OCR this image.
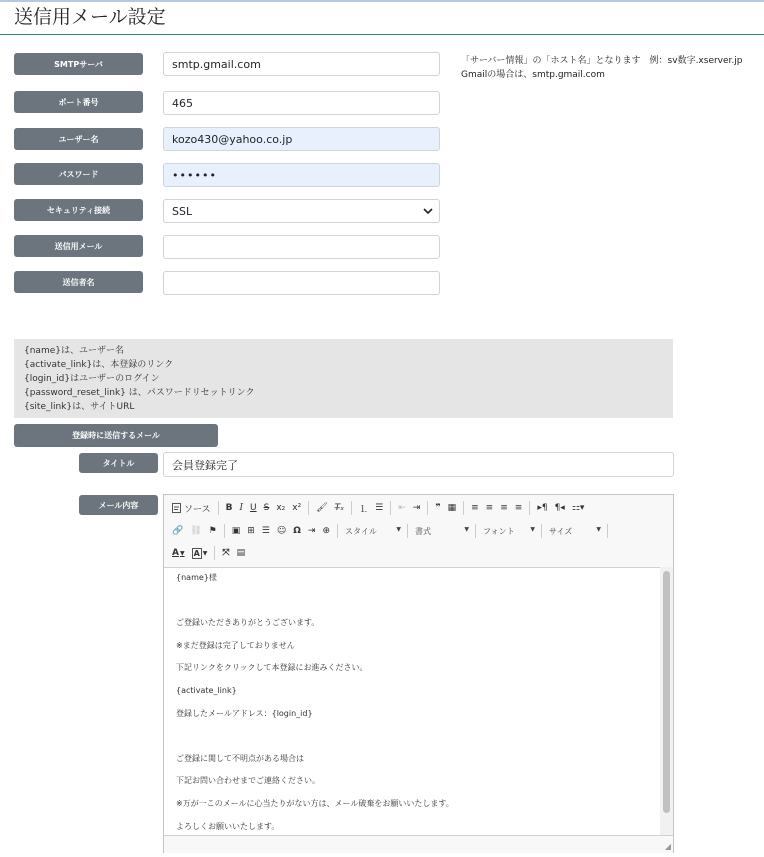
送信用メール設定
SMTPサーバ	smtp.gmail.com
ポート番号	465
ユーザー名	kozo430@yahoo.co.jp
パスワード	••••••
セキュリティ接続	SSL
送信用メール
送信者名
「サーバー情報」の「ホスト名」となります　例：sv数字.xserver.jp
Gmailの場合は、smtp.gmail.com
{name}は、ユーザー名
{activate_link}は、本登録のリンク
{login_id}はユーザーのログイン
{password_reset_link} は、パスワードリセットリンク
{site_link}は、サイトURL
登録時に送信するメール
タイトル	会員登録完了
メール内容	ソース B I U S x₂ x² 🖌 T̶ₓ ⒈ ☰ ⇤ ⇥ ❞ ▦ ≡ ≡ ≡ ≡ ▸¶ ¶◂ ⚏▾
🔗 ⛓ ⚑ ▣ ⊞ ☰ ☺ Ω ⇥ ⊕ スタイル	▼ 書式	▼ フォント	▼ サイズ	▼
A ▼ A ▼ ⤧ ▤

{name}様

ご登録いただきありがとうございます。

※まだ登録は完了しておりません

下記リンクをクリックして本登録にお進みください。

{activate_link}

登録したメールアドレス：{login_id}

ご登録に関して不明点がある場合は

下記お問い合わせまでご連絡ください。

※万が一このメールに心当たりがない方は、メール破棄をお願いいたします。

よろしくお願いいたします。

◢
